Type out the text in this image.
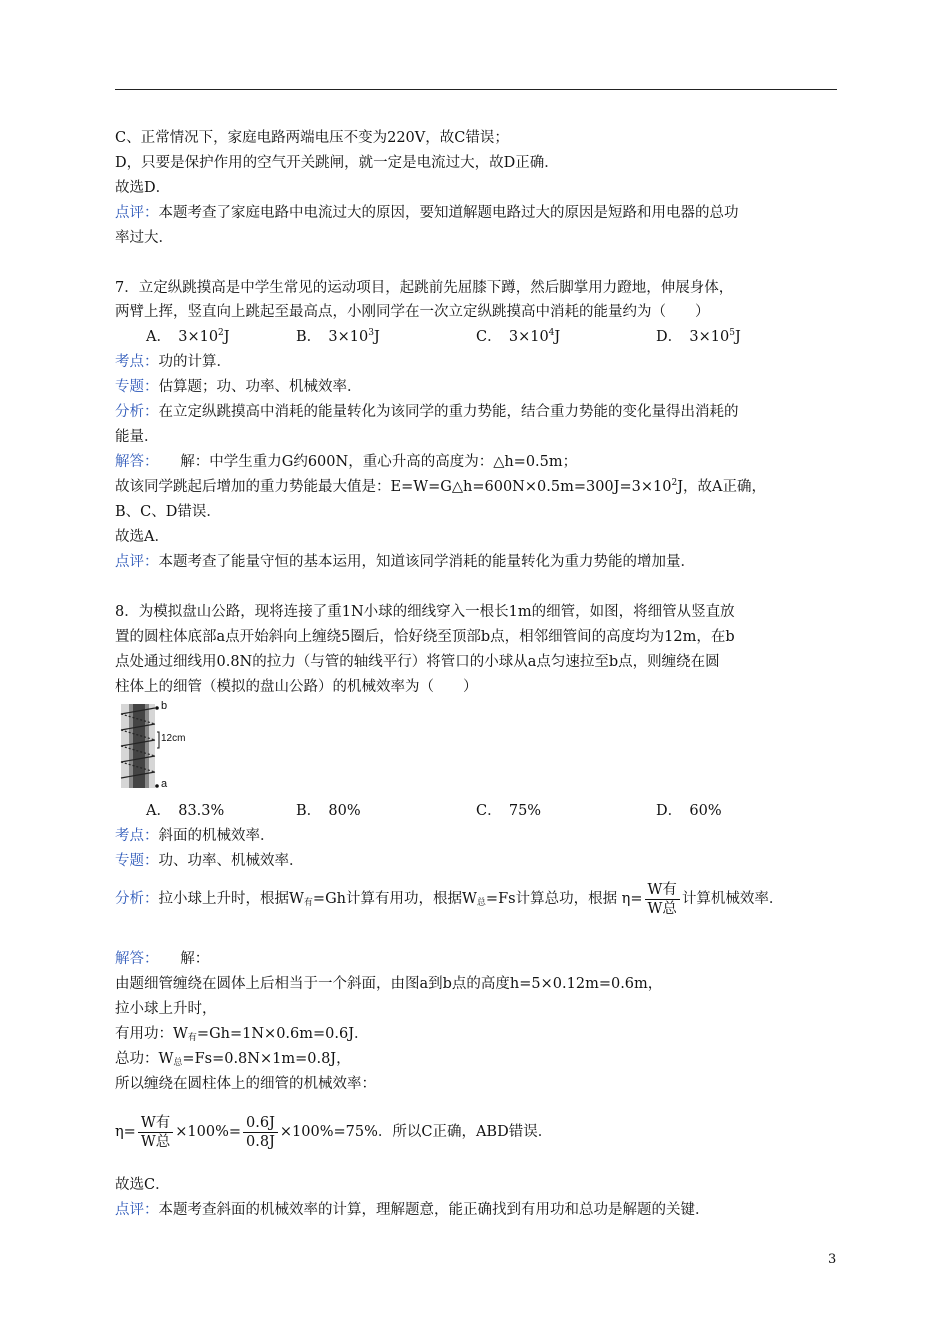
C、正常情况下，家庭电路两端电压不变为220V，故C错误；
D，只要是保护作用的空气开关跳闸，就一定是电流过大，故D正确．
故选D．
点评：本题考查了家庭电路中电流过大的原因，要知道解题电路过大的原因是短路和用电器的总功
率过大．
7．立定纵跳摸高是中学生常见的运动项目，起跳前先屈膝下蹲，然后脚掌用力蹬地，伸展身体，
两臂上挥，竖直向上跳起至最高点，小刚同学在一次立定纵跳摸高中消耗的能量约为（　　）
A．　$3\times 10^2J$	B．　$3\times 10^3J$	C．　$3\times 10^4J$	D．　$3\times 10^5J$
考点：功的计算．
专题：估算题；功、功率、机械效率．
分析：在立定纵跳摸高中消耗的能量转化为该同学的重力势能，结合重力势能的变化量得出消耗的
能量．
解答：　　解：中学生重力G约600N，重心升高的高度为：△h=0.5m；
故该同学跳起后增加的重力势能最大值是：$E=W=G\triangle h=600N\times 0.5m=300J=3\times 10^2J$，故A正确，
B、C、D错误．
故选A．
点评：本题考查了能量守恒的基本运用，知道该同学消耗的能量转化为重力势能的增加量．
8．为模拟盘山公路，现将连接了重1N小球的细线穿入一根长1m的细管，如图，将细管从竖直放
置的圆柱体底部a点开始斜向上缠绕5圈后，恰好绕至顶部b点，相邻细管间的高度均为12m，在b
点处通过细线用0.8N的拉力（与管的轴线平行）将管口的小球从a点匀速拉至b点，则缠绕在圆
柱体上的细管（模拟的盘山公路）的机械效率为（　　）
b
12cm
a
A．　83.3%	B．　80%	C．　75%	D．　60%
考点：斜面的机械效率．
专题：功、功率、机械效率．
分析：拉小球上升时，根据$W_有=Gh$计算有用功，根据$W_总=Fs$计算总功，根据 $\eta= \frac{\text{W有}}{\text{W总}}$ 计算机械效率．
解答：　　解：
由题细管缠绕在圆体上后相当于一个斜面，由图a到b点的高度h=5×0.12m=0.6m，
拉小球上升时，
有用功：$W_有=Gh=1N\times 0.6m=0.6J$．
总功：$W_总=Fs=0.8N\times 1m=0.8J$，
所以缠绕在圆柱体上的细管的机械效率：
$\eta= \frac{\text{W有}}{\text{W总}} \times 100\%= \frac{0.6J}{0.8J} \times 100\%=75\%$．所以C正确，ABD错误．
故选C．
点评：本题考查斜面的机械效率的计算，理解题意，能正确找到有用功和总功是解题的关键．
3
